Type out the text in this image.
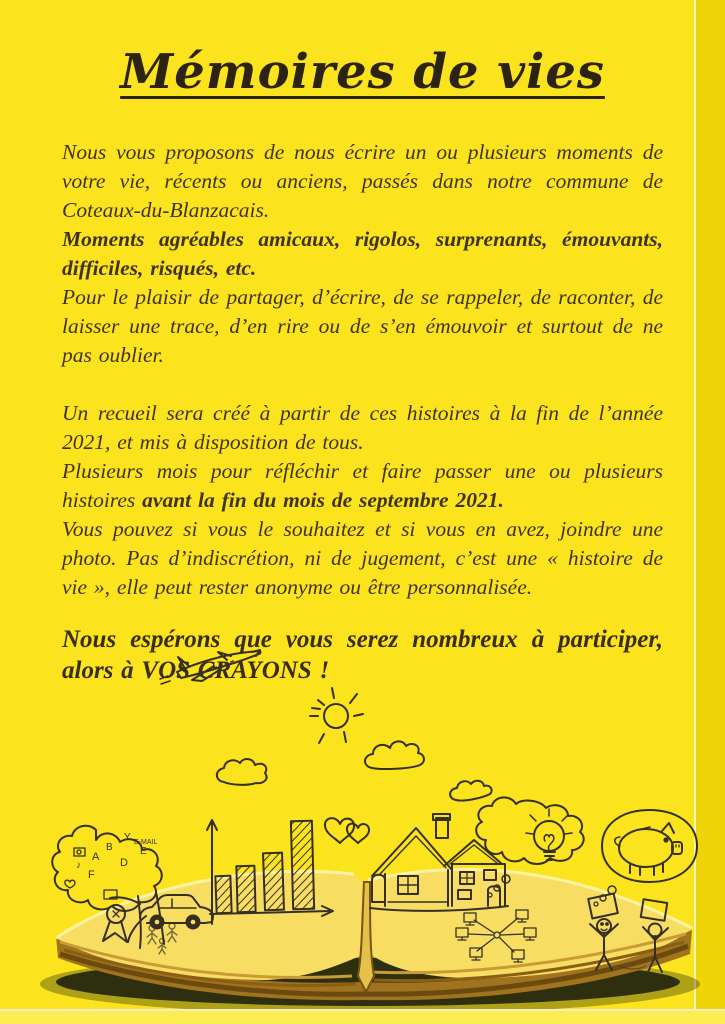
Mémoires de vies

Nous vous proposons de nous écrire un ou plusieurs moments de votre vie, récents ou anciens, passés dans notre commune de Coteaux-du-Blanzacais.

Moments agréables amicaux, rigolos, surprenants, émouvants, difficiles, risqués, etc.

Pour le plaisir de partager, d’écrire, de se rappeler, de raconter, de laisser une trace, d’en rire ou de s’en émouvoir et surtout de ne pas oublier.

Un recueil sera créé à partir de ces histoires à la fin de l’année 2021, et mis à disposition de tous.

Plusieurs mois pour réfléchir et faire passer une ou plusieurs histoires avant la fin du mois de septembre 2021.

Vous pouvez si vous le souhaitez et si vous en avez, joindre une photo. Pas d’indiscrétion, ni de jugement, c’est une « histoire de vie », elle peut rester anonyme ou être personnalisée.

Nous espérons que vous serez nombreux à participer, alors à VOS CRAYONS !

A
B
D
E
F
Y E-MAIL
♪
